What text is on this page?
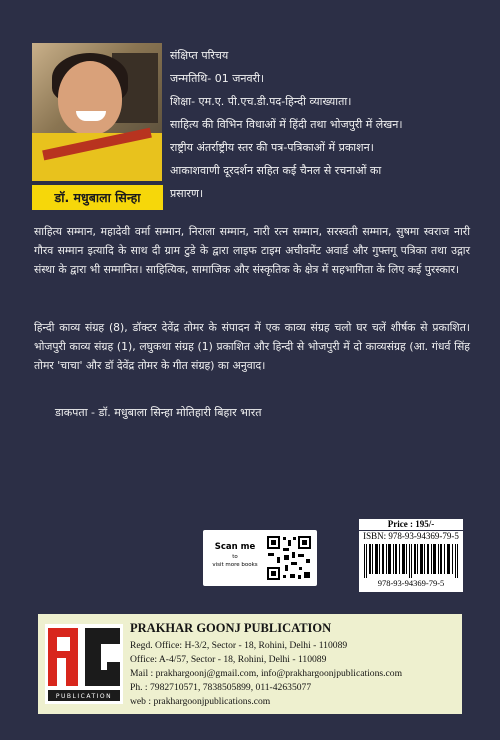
डॉ. मधुबाला सिन्हा
संक्षिप्त परिचय
जन्मतिथि- 01 जनवरी।
शिक्षा- एम.ए. पी.एच.डी.पद-हिन्दी व्याख्याता।
साहित्य की विभिन विधाओं में हिंदी तथा भोजपुरी में लेखन।
राष्ट्रीय अंतर्राष्ट्रीय स्तर की पत्र-पत्रिकाओं में प्रकाशन।
आकाशवाणी दूरदर्शन सहित कई चैनल से रचनाओं का
प्रसारण।
साहित्य सम्मान, महादेवी वर्मा सम्मान, निराला सम्मान, नारी रत्न सम्मान, सरस्वती सम्मान, सुषमा स्वराज नारी गौरव सम्मान इत्यादि के साथ दी ग्राम टुडे के द्वारा लाइफ टाइम अचीवमेंट अवार्ड और गुफ्तगू पत्रिका तथा उद्गार संस्था के द्वारा भी सम्मानित। साहित्यिक, सामाजिक और संस्कृतिक के क्षेत्र में सहभागिता के लिए कई पुरस्कार।
हिन्दी काव्य संग्रह (8), डॉक्टर देवेंद्र तोमर के संपादन में एक काव्य संग्रह चलो घर चलें शीर्षक से प्रकाशित। भोजपुरी काव्य संग्रह (1), लघुकथा संग्रह (1) प्रकाशित और हिन्दी से भोजपुरी में दो काव्यसंग्रह (आ. गंधर्व सिंह तोमर 'चाचा' और डॉ देवेंद्र तोमर के गीत संग्रह) का अनुवाद।
डाकपता - डॉ. मधुबाला सिन्हा मोतिहारी बिहार भारत
Scan me
to
visit more books
Price : 195/-
ISBN: 978-93-94369-79-5
978-93-94369-79-5
PUBLICATION
PRAKHAR GOONJ PUBLICATION
Regd. Office: H-3/2, Sector - 18, Rohini, Delhi - 110089
Office: A-4/57, Sector - 18, Rohini, Delhi - 110089
Mail : prakhargoonj@gmail.com, info@prakhargoonjpublications.com
Ph. : 7982710571, 7838505899, 011-42635077
web : prakhargoonjpublications.com
